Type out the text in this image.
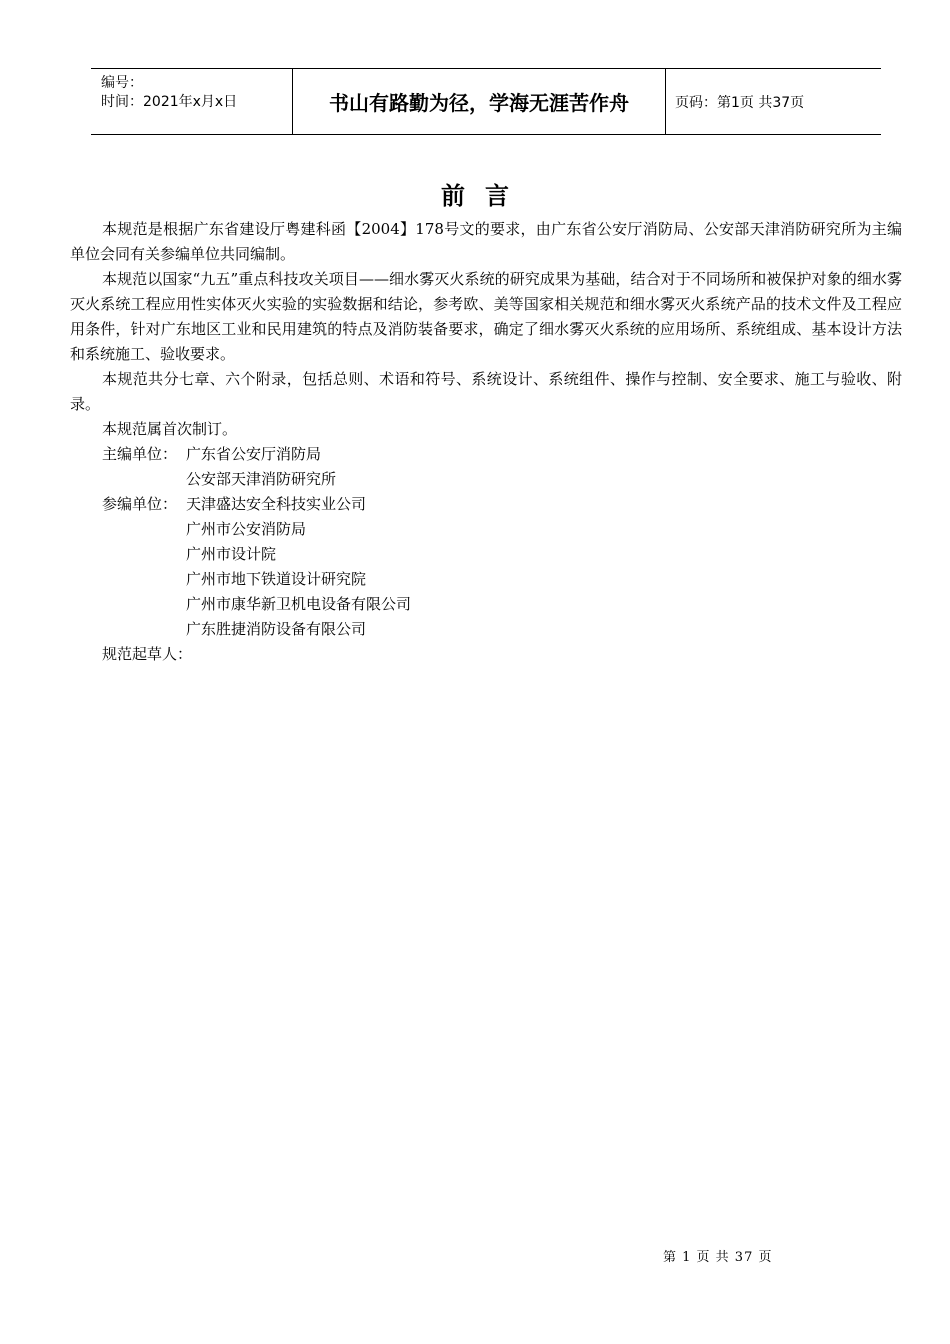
编号：
时间：2021年x月x日	书山有路勤为径，学海无涯苦作舟	页码：第1页 共37页
前言

本规范是根据广东省建设厅粤建科函【2004】178号文的要求，由广东省公安厅消防局、公安部天津消防研究所为主编单位会同有关参编单位共同编制。

本规范以国家“九五”重点科技攻关项目——细水雾灭火系统的研究成果为基础，结合对于不同场所和被保护对象的细水雾灭火系统工程应用性实体灭火实验的实验数据和结论，参考欧、美等国家相关规范和细水雾灭火系统产品的技术文件及工程应用条件，针对广东地区工业和民用建筑的特点及消防装备要求，确定了细水雾灭火系统的应用场所、系统组成、基本设计方法和系统施工、验收要求。

本规范共分七章、六个附录，包括总则、术语和符号、系统设计、系统组件、操作与控制、安全要求、施工与验收、附录。

本规范属首次制订。

主编单位： 广东省公安厅消防局
公安部天津消防研究所
参编单位： 天津盛达安全科技实业公司
广州市公安消防局
广州市设计院
广州市地下铁道设计研究院
广州市康华新卫机电设备有限公司
广东胜捷消防设备有限公司
规范起草人：
第 1 页 共 37 页
